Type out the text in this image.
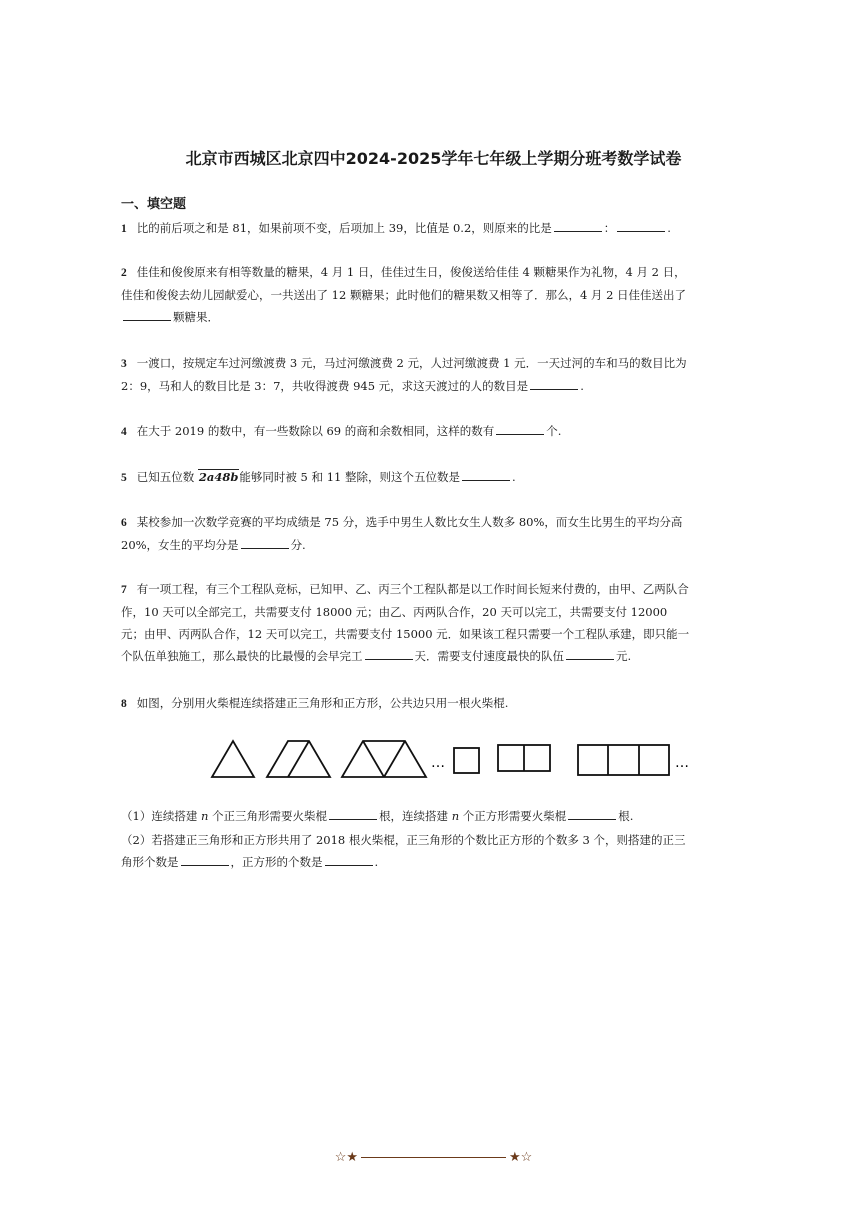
北京市西城区北京四中2024-2025学年七年级上学期分班考数学试卷
一、填空题
1 比的前后项之和是 81，如果前项不变，后项加上 39，比值是 0.2，则原来的比是	：	.
2 佳佳和俊俊原来有相等数量的糖果，4 月 1 日，佳佳过生日，俊俊送给佳佳 4 颗糖果作为礼物，4 月 2 日，佳佳和俊俊去幼儿园献爱心，一共送出了 12 颗糖果；此时他们的糖果数又相等了．那么，4 月 2 日佳佳送出了颗糖果．
3 一渡口，按规定车过河缴渡费 3 元，马过河缴渡费 2 元，人过河缴渡费 1 元．一天过河的车和马的数目比为 2：9，马和人的数目比是 3：7，共收得渡费 945 元，求这天渡过的人的数目是	.
4 在大于 2019 的数中，有一些数除以 69 的商和余数相同，这样的数有	个.
5 已知五位数 2a48b能够同时被 5 和 11 整除，则这个五位数是	.
6 某校参加一次数学竞赛的平均成绩是 75 分，选手中男生人数比女生人数多 80%，而女生比男生的平均分高 20%，女生的平均分是	分.
7 有一项工程，有三个工程队竞标，已知甲、乙、丙三个工程队都是以工作时间长短来付费的，由甲、乙两队合作，10 天可以全部完工，共需要支付 18000 元；由乙、丙两队合作，20 天可以完工，共需要支付 12000 元；由甲、丙两队合作，12 天可以完工，共需要支付 15000 元．如果该工程只需要一个工程队承建，即只能一个队伍单独施工，那么最快的比最慢的会早完工	天．需要支付速度最快的队伍	元.
8 如图，分别用火柴棍连续搭建正三角形和正方形，公共边只用一根火柴棍.
…	…
（1）连续搭建 n 个正三角形需要火柴棍	根，连续搭建 n 个正方形需要火柴棍	根.
（2）若搭建正三角形和正方形共用了 2018 根火柴棍，正三角形的个数比正方形的个数多 3 个，则搭建的正三角形个数是	，正方形的个数是	.
☆★	★☆
